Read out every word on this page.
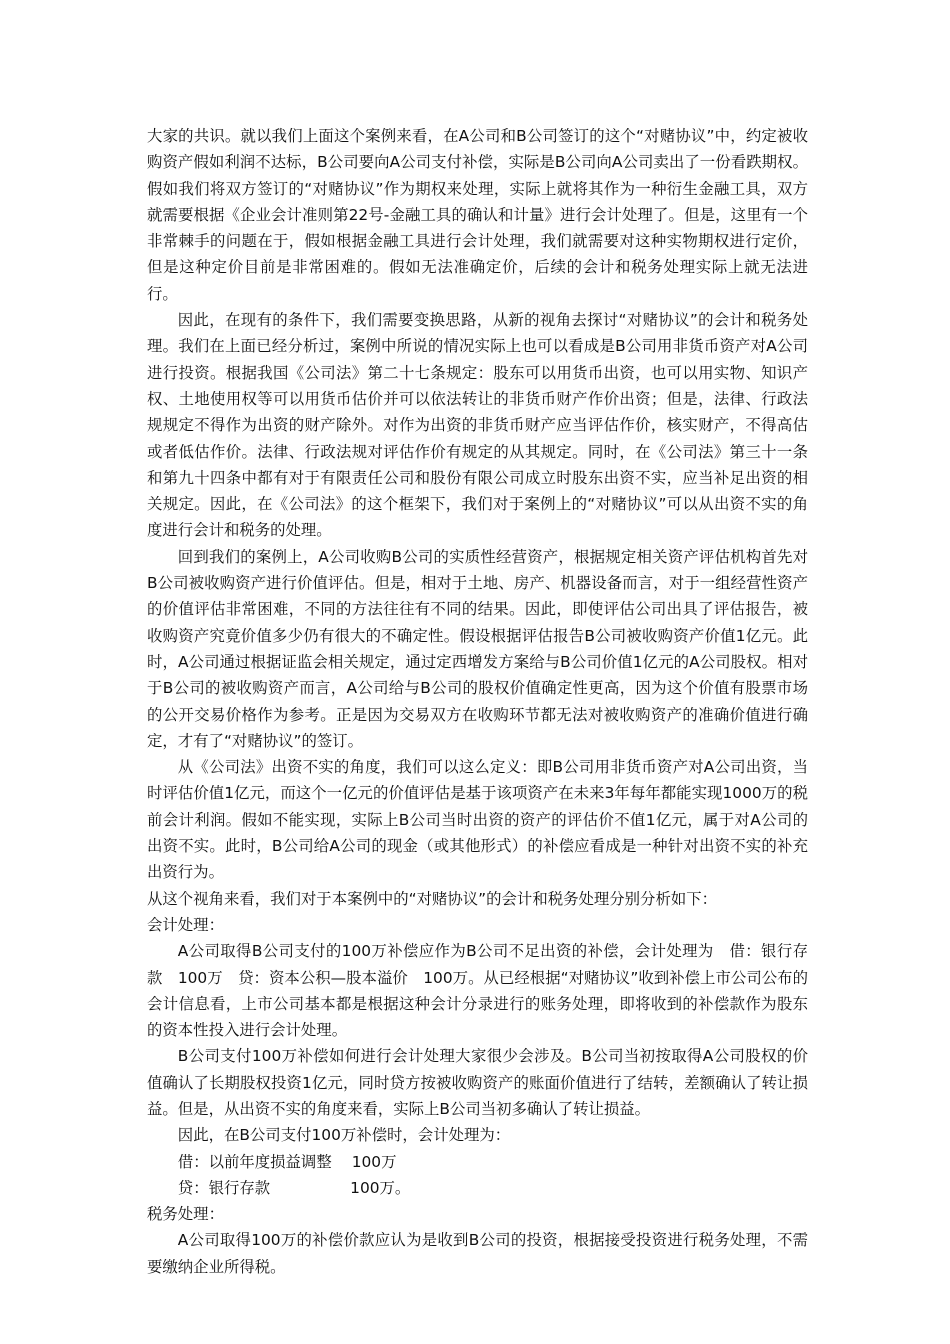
大家的共识。就以我们上面这个案例来看，在A公司和B公司签订的这个“对赌协议”中，约定被收购资产假如利润不达标，B公司要向A公司支付补偿，实际是B公司向A公司卖出了一份看跌期权。假如我们将双方签订的“对赌协议”作为期权来处理，实际上就将其作为一种衍生金融工具，双方就需要根据《企业会计准则第22号-金融工具的确认和计量》进行会计处理了。但是，这里有一个非常棘手的问题在于，假如根据金融工具进行会计处理，我们就需要对这种实物期权进行定价，但是这种定价目前是非常困难的。假如无法准确定价，后续的会计和税务处理实际上就无法进行。

因此，在现有的条件下，我们需要变换思路，从新的视角去探讨“对赌协议”的会计和税务处理。我们在上面已经分析过，案例中所说的情况实际上也可以看成是B公司用非货币资产对A公司进行投资。根据我国《公司法》第二十七条规定：股东可以用货币出资，也可以用实物、知识产权、土地使用权等可以用货币估价并可以依法转让的非货币财产作价出资；但是，法律、行政法规规定不得作为出资的财产除外。对作为出资的非货币财产应当评估作价，核实财产，不得高估或者低估作价。法律、行政法规对评估作价有规定的从其规定。同时，在《公司法》第三十一条和第九十四条中都有对于有限责任公司和股份有限公司成立时股东出资不实，应当补足出资的相关规定。因此，在《公司法》的这个框架下，我们对于案例上的“对赌协议”可以从出资不实的角度进行会计和税务的处理。

回到我们的案例上，A公司收购B公司的实质性经营资产，根据规定相关资产评估机构首先对B公司被收购资产进行价值评估。但是，相对于土地、房产、机器设备而言，对于一组经营性资产的价值评估非常困难，不同的方法往往有不同的结果。因此，即使评估公司出具了评估报告，被收购资产究竟价值多少仍有很大的不确定性。假设根据评估报告B公司被收购资产价值1亿元。此时，A公司通过根据证监会相关规定，通过定西增发方案给与B公司价值1亿元的A公司股权。相对于B公司的被收购资产而言，A公司给与B公司的股权价值确定性更高，因为这个价值有股票市场的公开交易价格作为参考。正是因为交易双方在收购环节都无法对被收购资产的准确价值进行确定，才有了“对赌协议”的签订。

从《公司法》出资不实的角度，我们可以这么定义：即B公司用非货币资产对A公司出资，当时评估价值1亿元，而这个一亿元的价值评估是基于该项资产在未来3年每年都能实现1000万的税前会计利润。假如不能实现，实际上B公司当时出资的资产的评估价不值1亿元，属于对A公司的出资不实。此时，B公司给A公司的现金（或其他形式）的补偿应看成是一种针对出资不实的补充出资行为。

从这个视角来看，我们对于本案例中的“对赌协议”的会计和税务处理分别分析如下：

会计处理：

A公司取得B公司支付的100万补偿应作为B公司不足出资的补偿，会计处理为　借：银行存款　100万　贷：资本公积—股本溢价　100万。从已经根据“对赌协议”收到补偿上市公司公布的会计信息看，上市公司基本都是根据这种会计分录进行的账务处理，即将收到的补偿款作为股东的资本性投入进行会计处理。

B公司支付100万补偿如何进行会计处理大家很少会涉及。B公司当初按取得A公司股权的价值确认了长期股权投资1亿元，同时贷方按被收购资产的账面价值进行了结转，差额确认了转让损益。但是，从出资不实的角度来看，实际上B公司当初多确认了转让损益。

因此，在B公司支付100万补偿时，会计处理为：

借：以前年度损益调整 100万

贷：银行存款	100万。

税务处理：

A公司取得100万的补偿价款应认为是收到B公司的投资，根据接受投资进行税务处理，不需要缴纳企业所得税。
